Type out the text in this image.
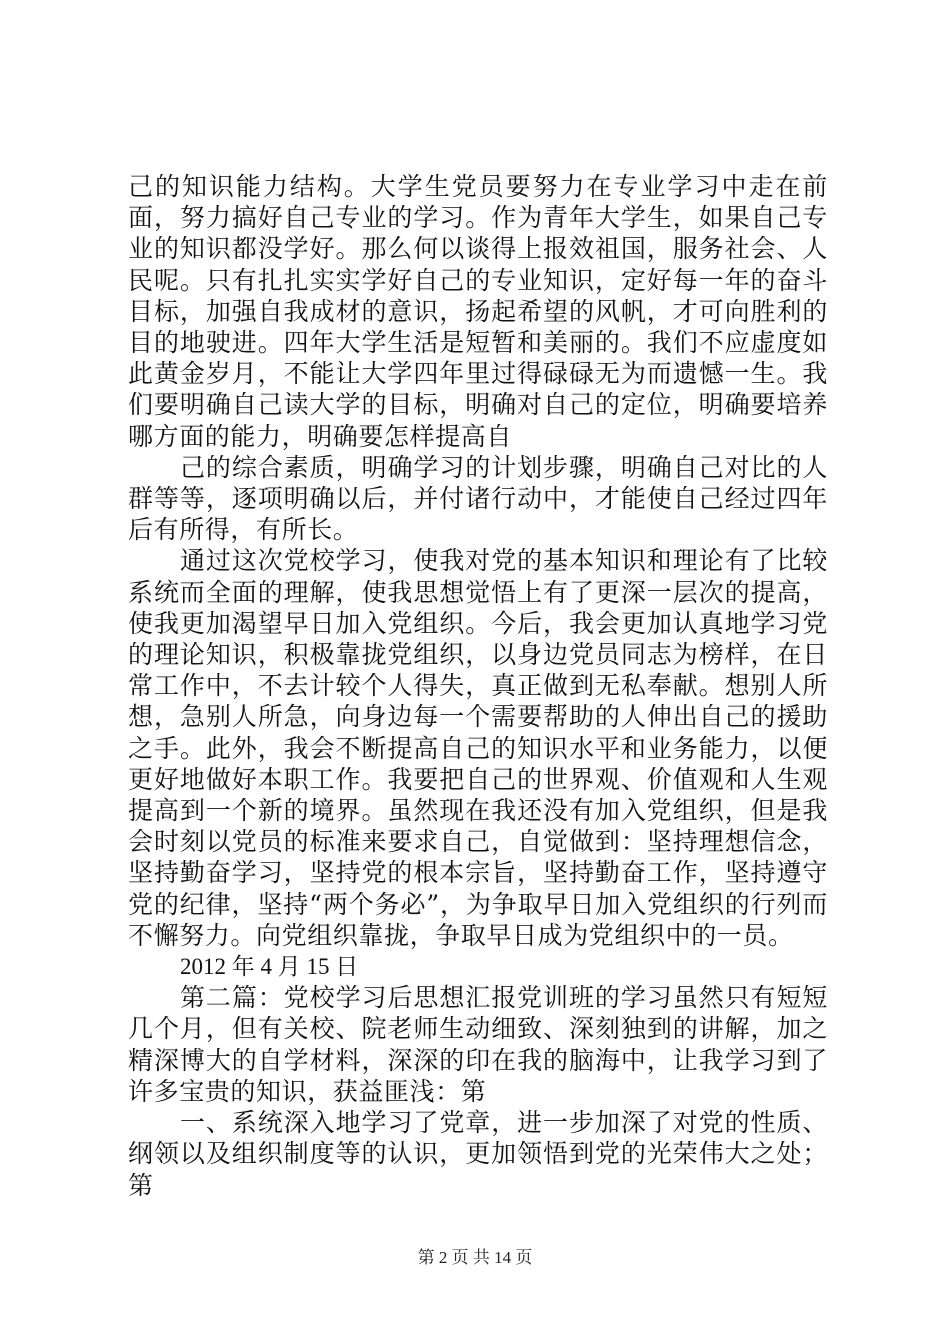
己的知识能力结构。大学生党员要努力在专业学习中走在前面，努力搞好自己专业的学习。作为青年大学生，如果自己专业的知识都没学好。那么何以谈得上报效祖国，服务社会、人民呢。只有扎扎实实学好自己的专业知识，定好每一年的奋斗目标，加强自我成材的意识，扬起希望的风帆，才可向胜利的目的地驶进。四年大学生活是短暂和美丽的。我们不应虚度如此黄金岁月，不能让大学四年里过得碌碌无为而遗憾一生。我们要明确自己读大学的目标，明确对自己的定位，明确要培养哪方面的能力，明确要怎样提高自

己的综合素质，明确学习的计划步骤，明确自己对比的人群等等，逐项明确以后，并付诸行动中，才能使自己经过四年后有所得，有所长。

通过这次党校学习，使我对党的基本知识和理论有了比较系统而全面的理解，使我思想觉悟上有了更深一层次的提高，使我更加渴望早日加入党组织。今后，我会更加认真地学习党的理论知识，积极靠拢党组织，以身边党员同志为榜样，在日常工作中，不去计较个人得失，真正做到无私奉献。想别人所想，急别人所急，向身边每一个需要帮助的人伸出自己的援助之手。此外，我会不断提高自己的知识水平和业务能力，以便更好地做好本职工作。我要把自己的世界观、价值观和人生观提高到一个新的境界。虽然现在我还没有加入党组织，但是我会时刻以党员的标准来要求自己，自觉做到：坚持理想信念，坚持勤奋学习，坚持党的根本宗旨，坚持勤奋工作，坚持遵守党的纪律，坚持“两个务必”，为争取早日加入党组织的行列而不懈努力。向党组织靠拢，争取早日成为党组织中的一员。

2012 年 4 月 15 日

第二篇：党校学习后思想汇报党训班的学习虽然只有短短几个月，但有关校、院老师生动细致、深刻独到的讲解，加之精深博大的自学材料，深深的印在我的脑海中，让我学习到了许多宝贵的知识，获益匪浅：第

一、系统深入地学习了党章，进一步加深了对党的性质、纲领以及组织制度等的认识，更加领悟到党的光荣伟大之处；第

第 2 页 共 14 页
